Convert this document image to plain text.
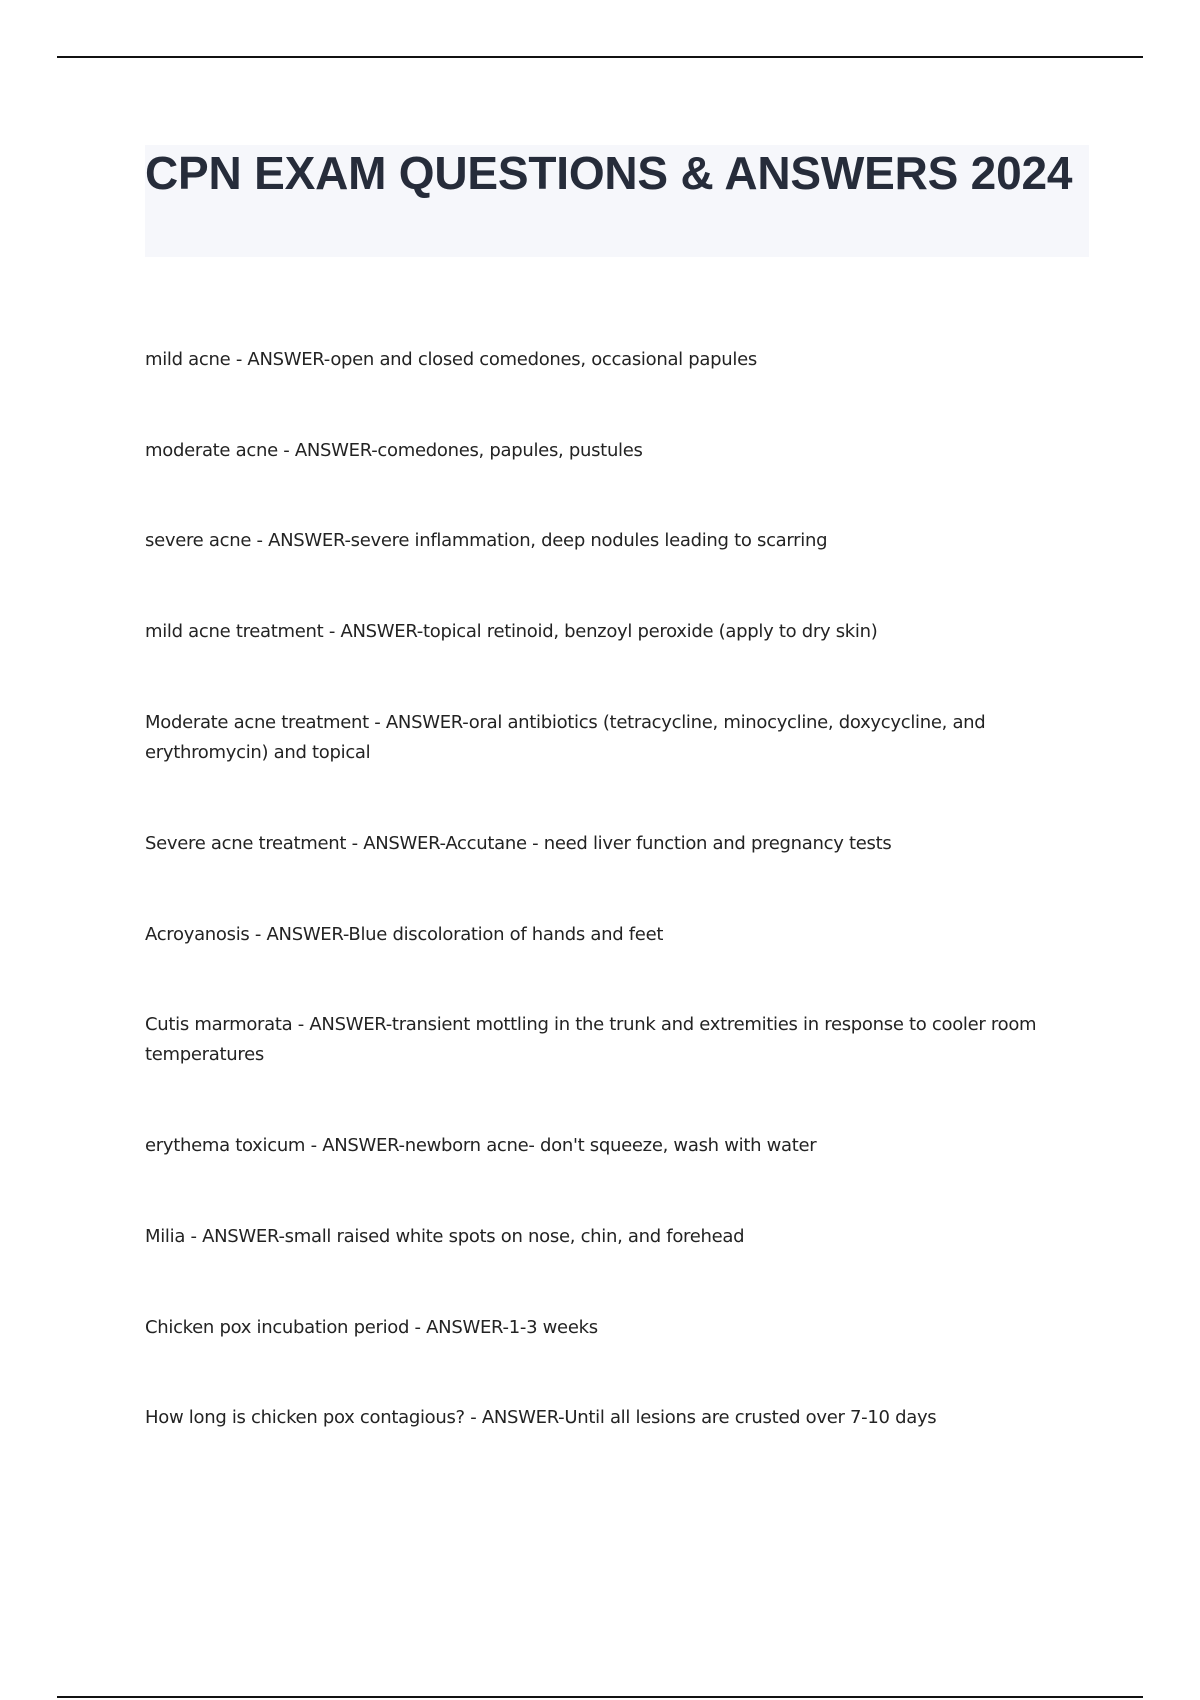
CPN EXAM QUESTIONS & ANSWERS 2024
mild acne - ANSWER-open and closed comedones, occasional papules
moderate acne - ANSWER-comedones, papules, pustules
severe acne - ANSWER-severe inflammation, deep nodules leading to scarring
mild acne treatment - ANSWER-topical retinoid, benzoyl peroxide (apply to dry skin)
Moderate acne treatment - ANSWER-oral antibiotics (tetracycline, minocycline, doxycycline, and erythromycin) and topical
Severe acne treatment - ANSWER-Accutane - need liver function and pregnancy tests
Acroyanosis - ANSWER-Blue discoloration of hands and feet
Cutis marmorata - ANSWER-transient mottling in the trunk and extremities in response to cooler room temperatures
erythema toxicum - ANSWER-newborn acne- don't squeeze, wash with water
Milia - ANSWER-small raised white spots on nose, chin, and forehead
Chicken pox incubation period - ANSWER-1-3 weeks
How long is chicken pox contagious? - ANSWER-Until all lesions are crusted over 7-10 days
